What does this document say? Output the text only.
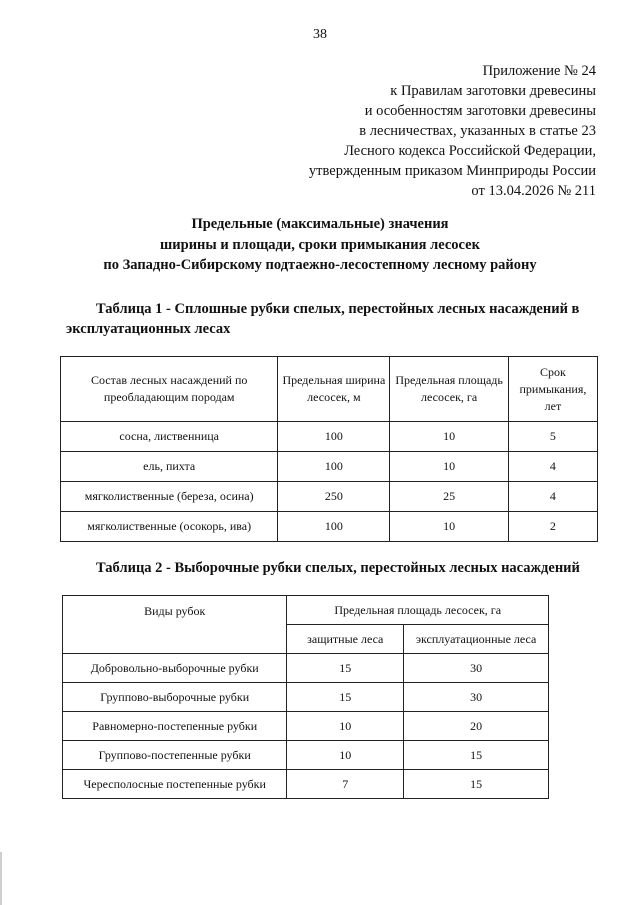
38
Приложение № 24
к Правилам заготовки древесины
и особенностям заготовки древесины
в лесничествах, указанных в статье 23
Лесного кодекса Российской Федерации,
утвержденным приказом Минприроды России
от 13.04.2026 № 211
Предельные (максимальные) значения
ширины и площади, сроки примыкания лесосек
по Западно-Сибирскому подтаежно-лесостепному лесному району
Таблица 1 - Сплошные рубки спелых, перестойных лесных насаждений в
эксплуатационных лесах
Состав лесных насаждений по преобладающим породам	Предельная ширина лесосек, м	Предельная площадь лесосек, га	Срок примыкания, лет
сосна, лиственница	100	10	5
ель, пихта	100	10	4
мягколиственные (береза, осина)	250	25	4
мягколиственные (осокорь, ива)	100	10	2
Таблица 2 - Выборочные рубки спелых, перестойных лесных насаждений
Виды рубок	Предельная площадь лесосек, га	
	защитные леса	эксплуатационные леса
Добровольно-выборочные рубки	15	30
Группово-выборочные рубки	15	30
Равномерно-постепенные рубки	10	20
Группово-постепенные рубки	10	15
Чересполосные постепенные рубки	7	15
